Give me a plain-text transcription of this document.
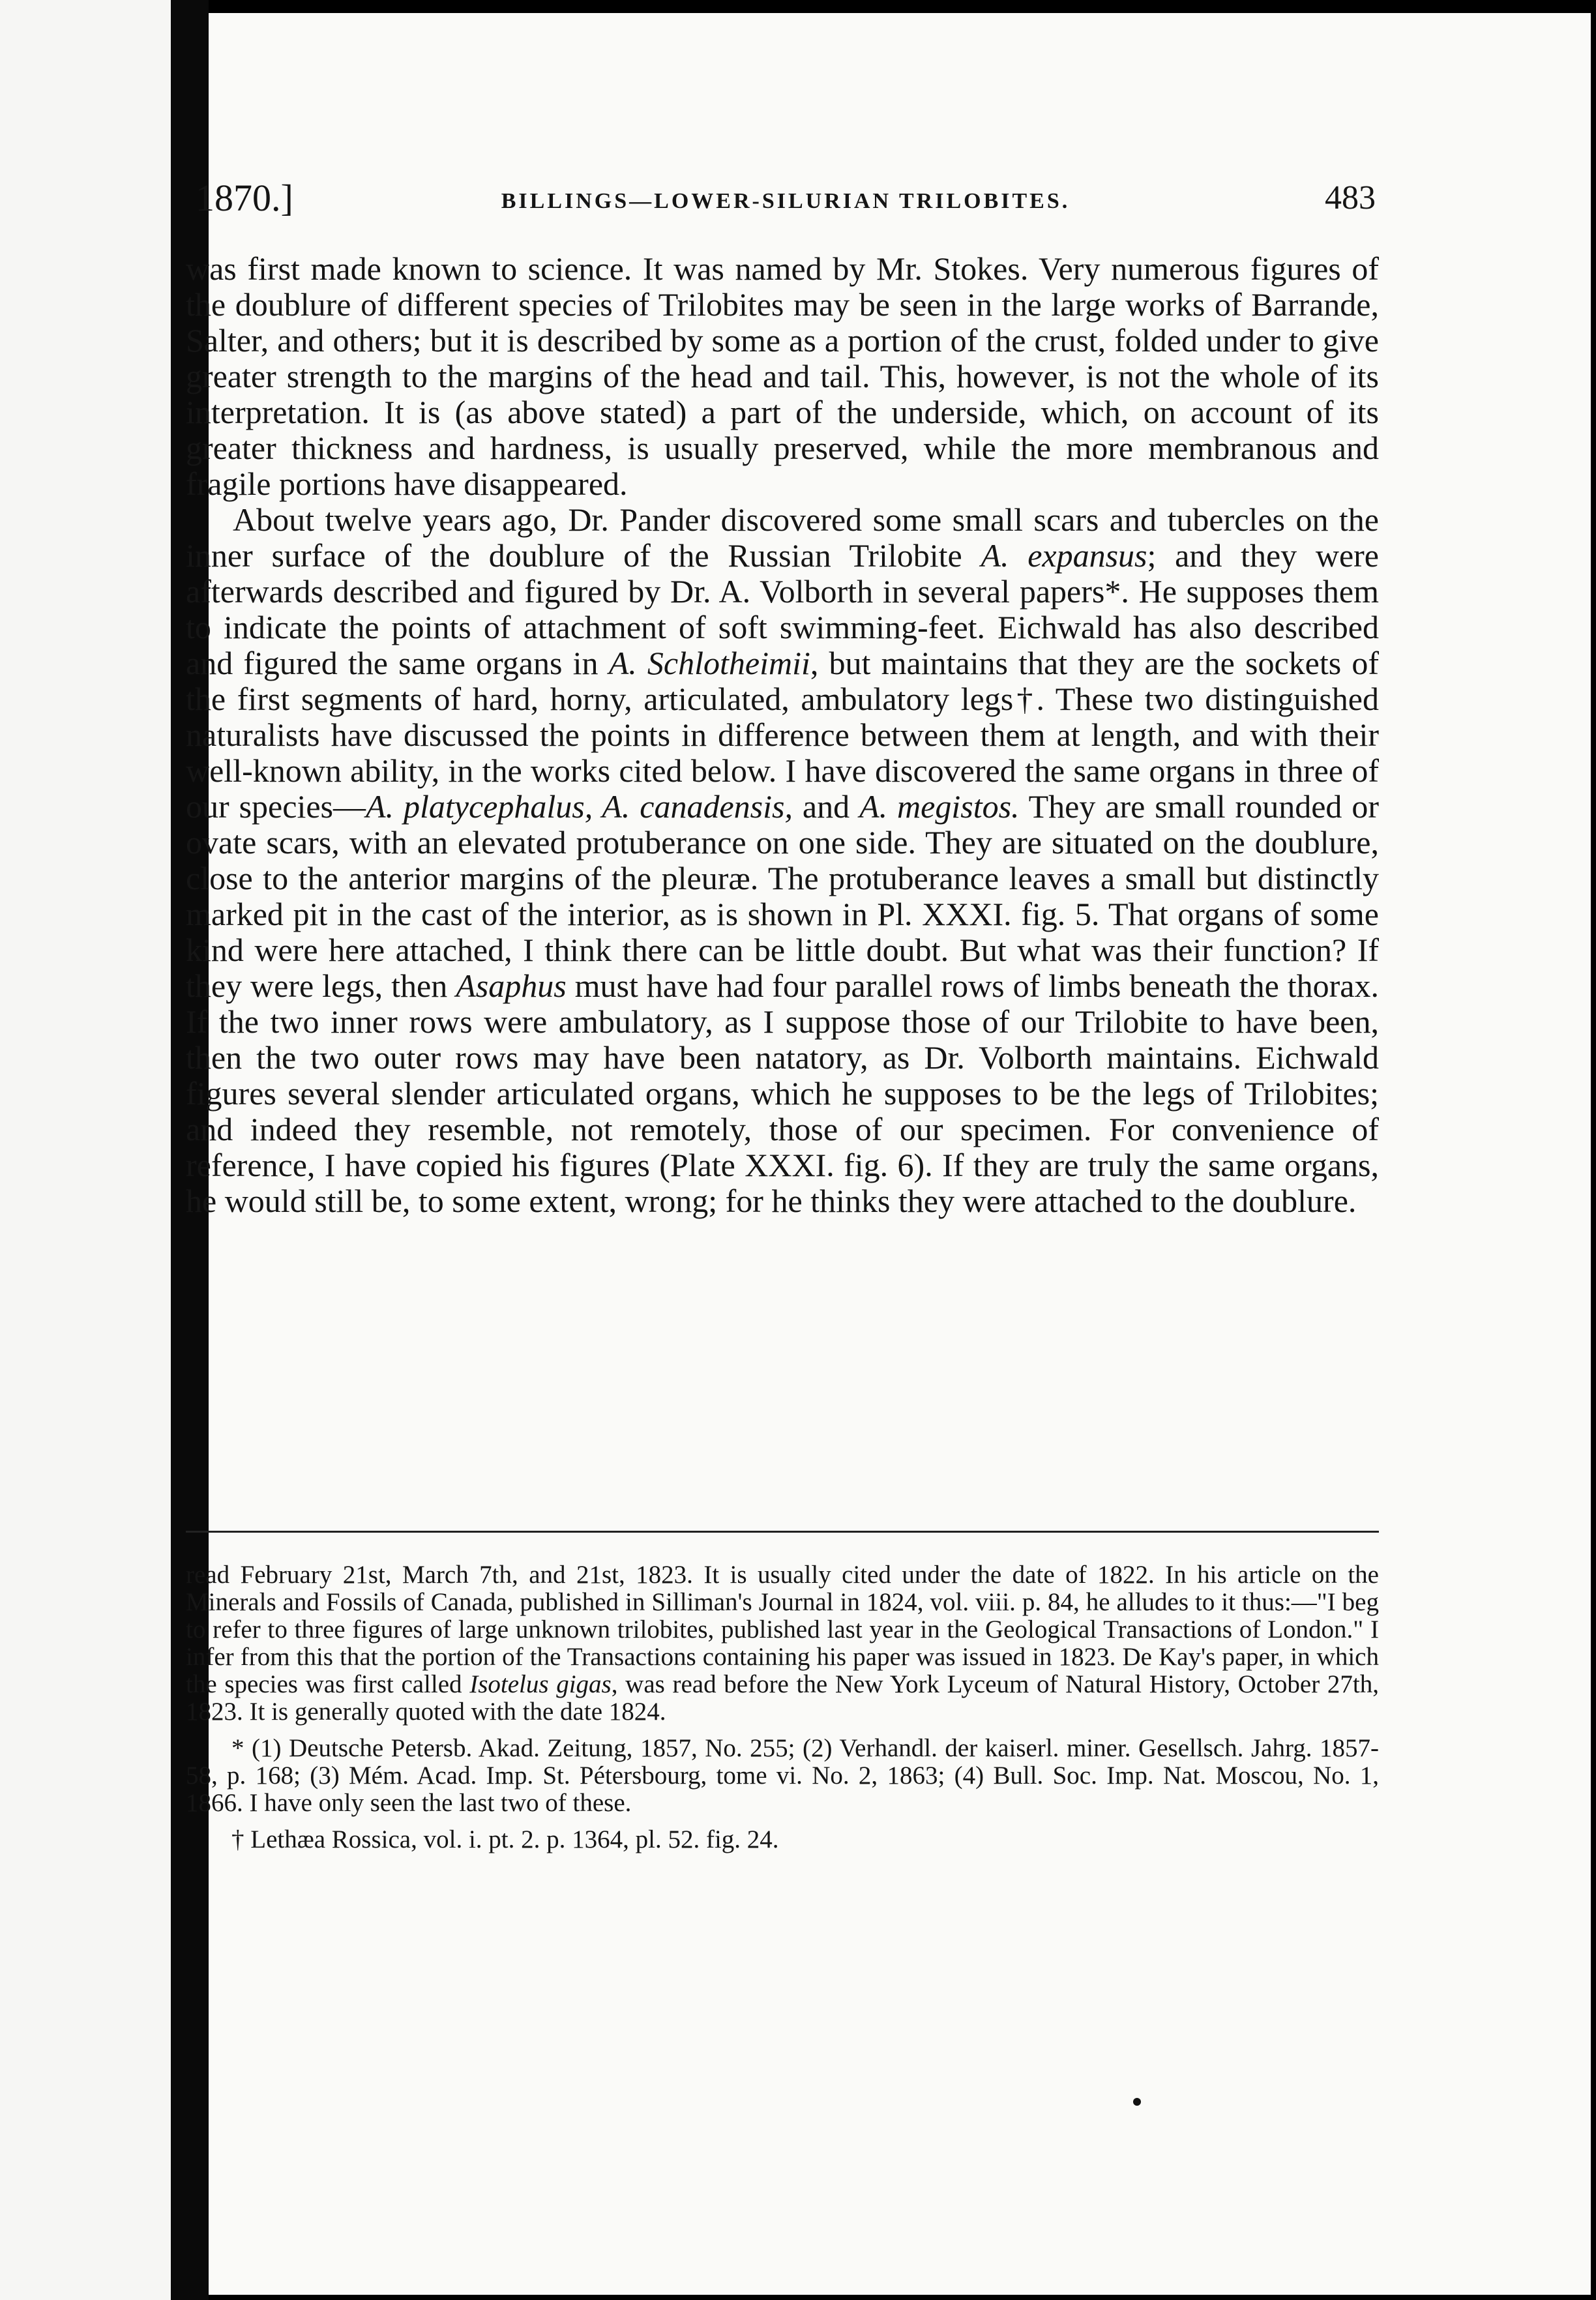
1870.]	BILLINGS—LOWER-SILURIAN TRILOBITES.	483

was first made known to science. It was named by Mr. Stokes. Very numerous figures of the doublure of different species of Trilobites may be seen in the large works of Barrande, Salter, and others; but it is described by some as a portion of the crust, folded under to give greater strength to the margins of the head and tail. This, however, is not the whole of its interpretation. It is (as above stated) a part of the underside, which, on account of its greater thickness and hardness, is usually preserved, while the more membranous and fragile portions have disappeared.

About twelve years ago, Dr. Pander discovered some small scars and tubercles on the inner surface of the doublure of the Russian Trilobite A. expansus; and they were afterwards described and figured by Dr. A. Volborth in several papers*. He supposes them to indicate the points of attachment of soft swimming-feet. Eichwald has also described and figured the same organs in A. Schlotheimii, but maintains that they are the sockets of the first segments of hard, horny, articulated, ambulatory legs†. These two distinguished naturalists have discussed the points in difference between them at length, and with their well-known ability, in the works cited below. I have discovered the same organs in three of our species—A. platycephalus, A. canadensis, and A. megistos. They are small rounded or ovate scars, with an elevated protuberance on one side. They are situated on the doublure, close to the anterior margins of the pleuræ. The protuberance leaves a small but distinctly marked pit in the cast of the interior, as is shown in Pl. XXXI. fig. 5. That organs of some kind were here attached, I think there can be little doubt. But what was their function? If they were legs, then Asaphus must have had four parallel rows of limbs beneath the thorax. If the two inner rows were ambulatory, as I suppose those of our Trilobite to have been, then the two outer rows may have been natatory, as Dr. Volborth maintains. Eichwald figures several slender articulated organs, which he supposes to be the legs of Trilobites; and indeed they resemble, not remotely, those of our specimen. For convenience of reference, I have copied his figures (Plate XXXI. fig. 6). If they are truly the same organs, he would still be, to some extent, wrong; for he thinks they were attached to the doublure.

read February 21st, March 7th, and 21st, 1823. It is usually cited under the date of 1822. In his article on the Minerals and Fossils of Canada, published in Silliman's Journal in 1824, vol. viii. p. 84, he alludes to it thus:—"I beg to refer to three figures of large unknown trilobites, published last year in the Geological Transactions of London." I infer from this that the portion of the Transactions containing his paper was issued in 1823. De Kay's paper, in which the species was first called Isotelus gigas, was read before the New York Lyceum of Natural History, October 27th, 1823. It is generally quoted with the date 1824.

* (1) Deutsche Petersb. Akad. Zeitung, 1857, No. 255; (2) Verhandl. der kaiserl. miner. Gesellsch. Jahrg. 1857-58, p. 168; (3) Mém. Acad. Imp. St. Pétersbourg, tome vi. No. 2, 1863; (4) Bull. Soc. Imp. Nat. Moscou, No. 1, 1866. I have only seen the last two of these.

† Lethæa Rossica, vol. i. pt. 2. p. 1364, pl. 52. fig. 24.
